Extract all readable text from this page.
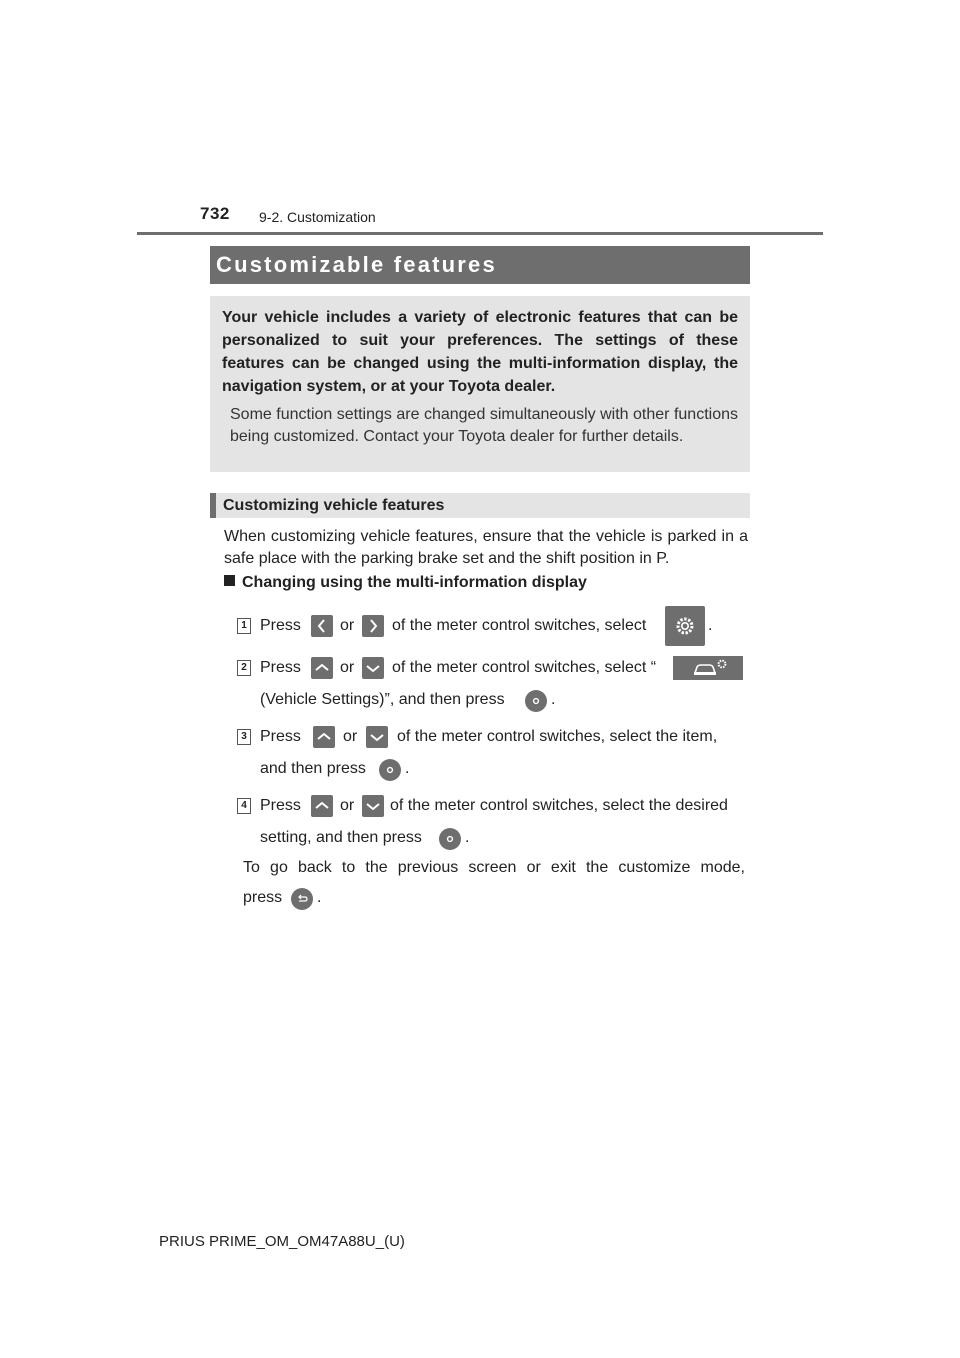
732 9-2. Customization
Customizable features

Your vehicle includes a variety of electronic features that can be personalized to suit your preferences. The settings of these features can be changed using the multi-information display, the navigation system, or at your Toyota dealer.

Some function settings are changed simultaneously with other functions being customized. Contact your Toyota dealer for further details.

Customizing vehicle features

When customizing vehicle features, ensure that the vehicle is parked in a safe place with the parking brake set and the shift position in P.

Changing using the multi-information display
1 Press or of the meter control switches, select	.
2 Press or of the meter control switches, select “
(Vehicle Settings)”, and then press	.
3 Press	or of the meter control switches, select the item,
and then press .
4 Press or of the meter control switches, select the desired
setting, and then press	.
To go back to the previous screen or exit the customize mode,
press .
PRIUS PRIME_OM_OM47A88U_(U)
